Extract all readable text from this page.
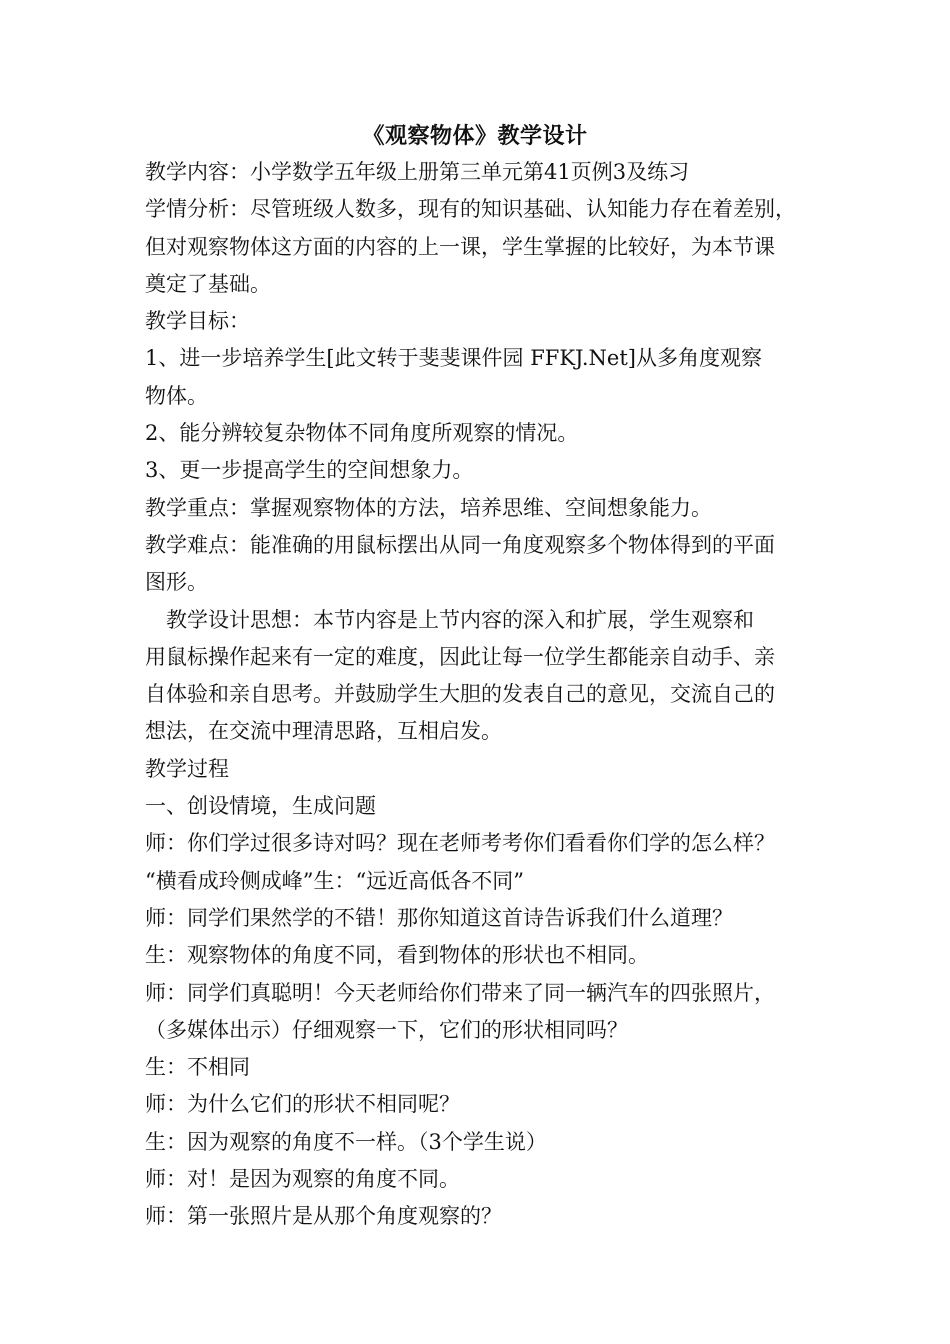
《观察物体》教学设计

教学内容：小学数学五年级上册第三单元第41页例3及练习

学情分析：尽管班级人数多，现有的知识基础、认知能力存在着差别，
但对观察物体这方面的内容的上一课，学生掌握的比较好，为本节课
奠定了基础。

教学目标：

1、进一步培养学生[此文转于斐斐课件园 FFKJ.Net]从多角度观察
物体。

2、能分辨较复杂物体不同角度所观察的情况。

3、更一步提高学生的空间想象力。

教学重点：掌握观察物体的方法，培养思维、空间想象能力。

教学难点：能准确的用鼠标摆出从同一角度观察多个物体得到的平面
图形。

　教学设计思想：本节内容是上节内容的深入和扩展，学生观察和
用鼠标操作起来有一定的难度，因此让每一位学生都能亲自动手、亲
自体验和亲自思考。并鼓励学生大胆的发表自己的意见，交流自己的
想法，在交流中理清思路，互相启发。

教学过程

一、创设情境，生成问题

师：你们学过很多诗对吗？现在老师考考你们看看你们学的怎么样？

“横看成玲侧成峰”生：“远近高低各不同”

师：同学们果然学的不错！那你知道这首诗告诉我们什么道理？

生：观察物体的角度不同，看到物体的形状也不相同。

师：同学们真聪明！今天老师给你们带来了同一辆汽车的四张照片，
（多媒体出示）仔细观察一下，它们的形状相同吗？

生：不相同

师：为什么它们的形状不相同呢？

生：因为观察的角度不一样。（3个学生说）

师：对！是因为观察的角度不同。

师：第一张照片是从那个角度观察的？
